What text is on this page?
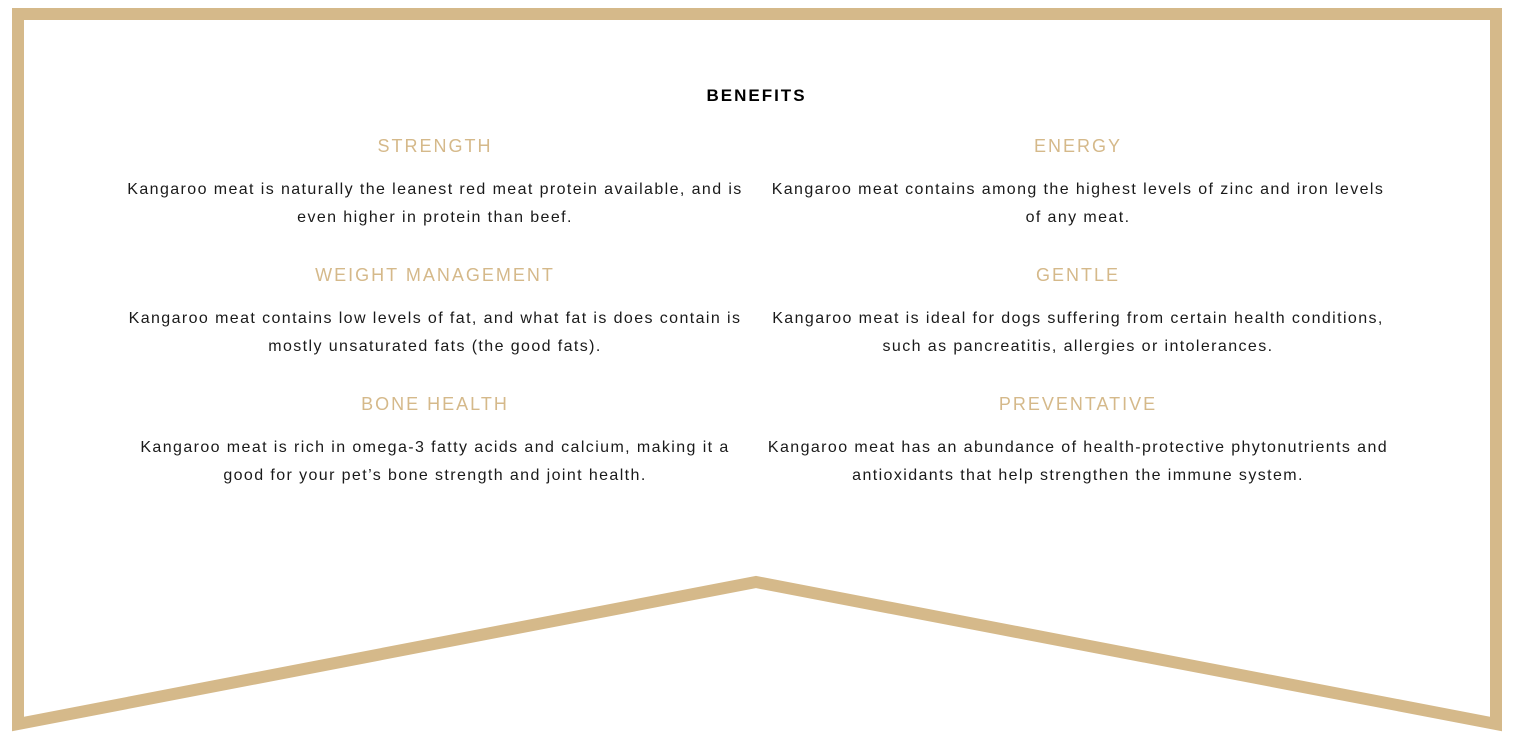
BENEFITS
STRENGTH
Kangaroo meat is naturally the leanest red meat protein available, and is even higher in protein than beef.
ENERGY
Kangaroo meat contains among the highest levels of zinc and iron levels of any meat.
WEIGHT MANAGEMENT
Kangaroo meat contains low levels of fat, and what fat is does contain is mostly unsaturated fats (the good fats).
GENTLE
Kangaroo meat is ideal for dogs suffering from certain health conditions, such as pancreatitis, allergies or intolerances.
BONE HEALTH
Kangaroo meat is rich in omega-3 fatty acids and calcium, making it a good for your pet’s bone strength and joint health.
PREVENTATIVE
Kangaroo meat has an abundance of health-protective phytonutrients and antioxidants that help strengthen the immune system.
